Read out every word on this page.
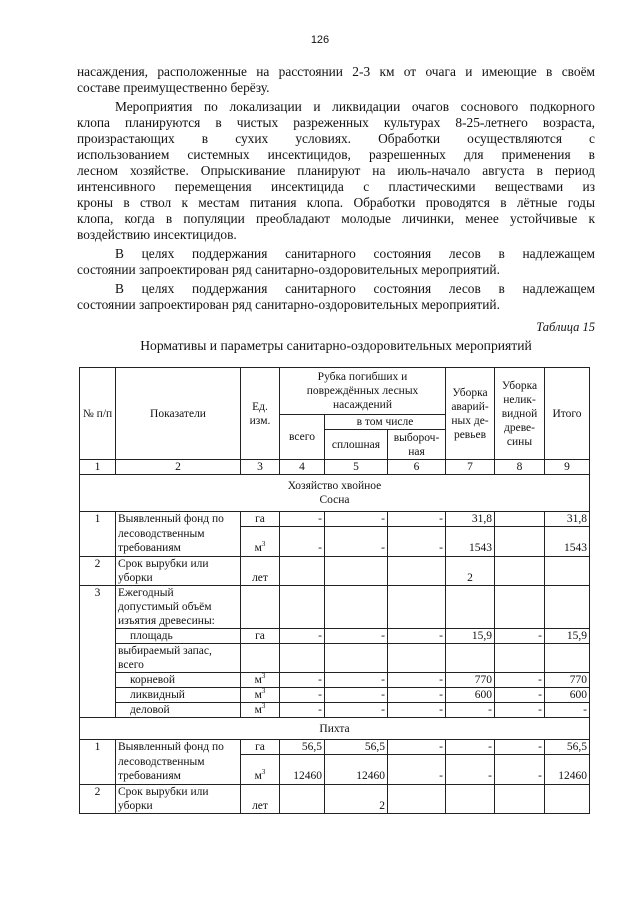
126
насаждения, расположенные на расстоянии 2-3 км от очага и имеющие в своём
составе преимущественно берёзу.
Мероприятия по локализации и ликвидации очагов соснового подкорного
клопа планируются в чистых разреженных культурах 8-25-летнего возраста,
произрастающих в сухих условиях. Обработки осуществляются с
использованием системных инсектицидов, разрешенных для применения в
лесном хозяйстве. Опрыскивание планируют на июль-начало августа в период
интенсивного перемещения инсектицида с пластическими веществами из
кроны в ствол к местам питания клопа. Обработки проводятся в лётные годы
клопа, когда в популяции преобладают молодые личинки, менее устойчивые к
воздействию инсектицидов.
В целях поддержания санитарного состояния лесов в надлежащем
состоянии запроектирован ряд санитарно-оздоровительных мероприятий.
В целях поддержания санитарного состояния лесов в надлежащем
состоянии запроектирован ряд санитарно-оздоровительных мероприятий.
Таблица 15
Нормативы и параметры санитарно-оздоровительных мероприятий
№ п/п	Показатели	Ед. изм.	Рубка погибших и повреждённых лесных насаждений			Уборка аварий-ных де-ревьев	Уборка нелик-видной древе-сины	Итого
			всего	в том числе				
				сплошная	выбороч-ная			
1	2	3	4	5	6	7	8	9

Хозяйство хвойное
Сосна								

1	Выявленный фонд по	га	-	-	-	31,8		31,8
	лесоводственным							
	требованиям	$м^3$	-	-	-	1543		1543
2	Срок вырубки или							
	уборки	лет				2		
3	Ежегодный							
	допустимый объём							
	изъятия древесины:							
	площадь	га	-	-	-	15,9	-	15,9
	выбираемый запас,							
	всего							
	корневой	$м^3$	-	-	-	770	-	770
	ликвидный	$м^3$	-	-	-	600	-	600
	деловой	$м^3$	-	-	-	-	-	-
Пихта								
1	Выявленный фонд по	га	56,5	56,5	-	-	-	56,5
	лесоводственным							
	требованиям	$м^3$	12460	12460	-	-	-	12460
2	Срок вырубки или							
	уборки	лет		2				
